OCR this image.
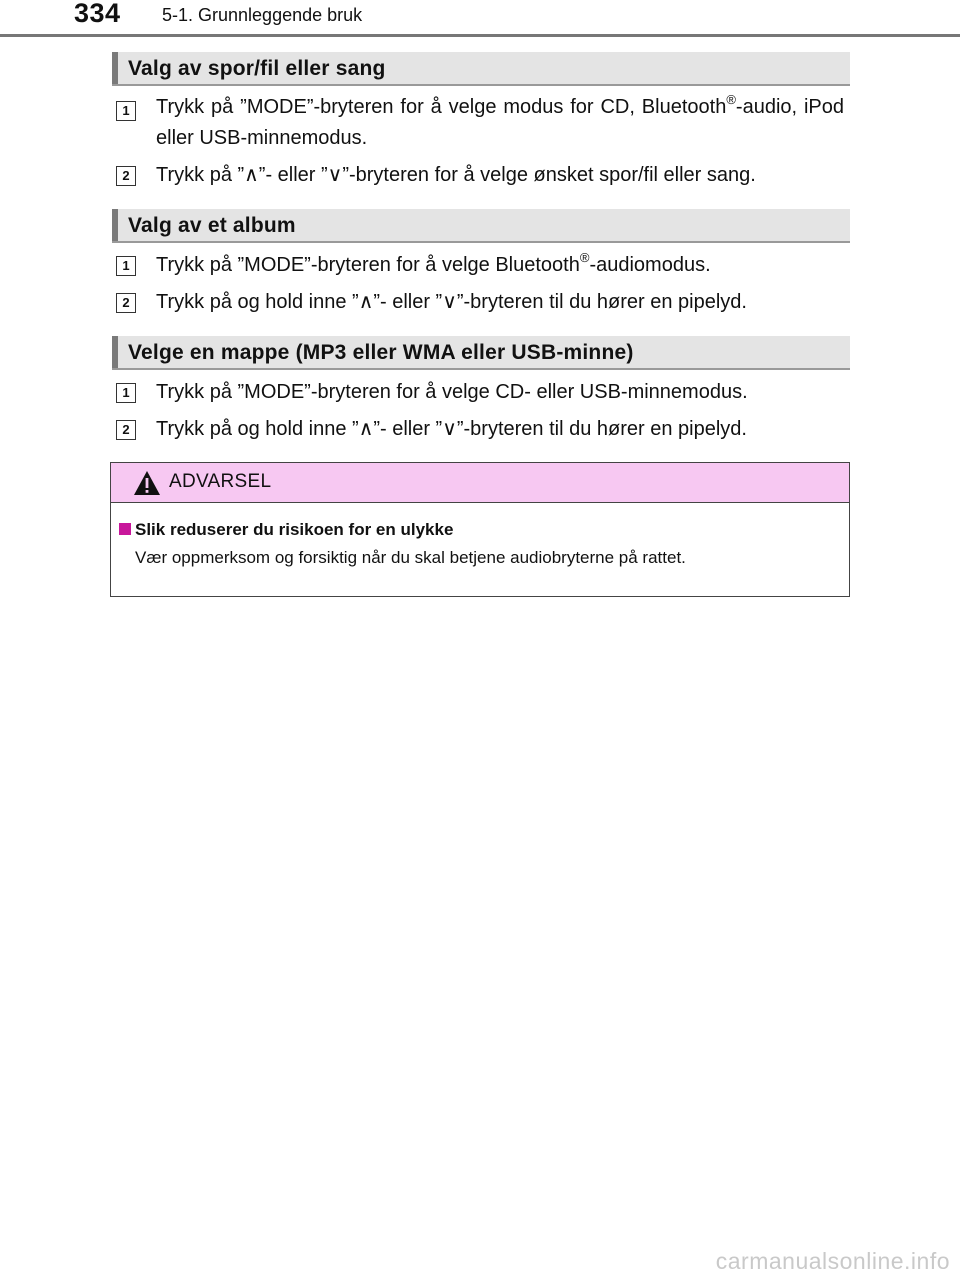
334 5-1. Grunnleggende bruk
Valg av spor/fil eller sang
1	Trykk på ”MODE”-bryteren for å velge modus for CD, Bluetooth®-audio, iPod eller USB-minnemodus.
2	Trykk på ”∧”- eller ”∨”-bryteren for å velge ønsket spor/fil eller sang.
Valg av et album
1	Trykk på ”MODE”-bryteren for å velge Bluetooth®-audiomodus.
2	Trykk på og hold inne ”∧”- eller ”∨”-bryteren til du hører en pipelyd.
Velge en mappe (MP3 eller WMA eller USB-minne)
1	Trykk på ”MODE”-bryteren for å velge CD- eller USB-minnemodus.
2	Trykk på og hold inne ”∧”- eller ”∨”-bryteren til du hører en pipelyd.
ADVARSEL
Slik reduserer du risikoen for en ulykke
Vær oppmerksom og forsiktig når du skal betjene audiobryterne på rattet.
carmanualsonline.info
